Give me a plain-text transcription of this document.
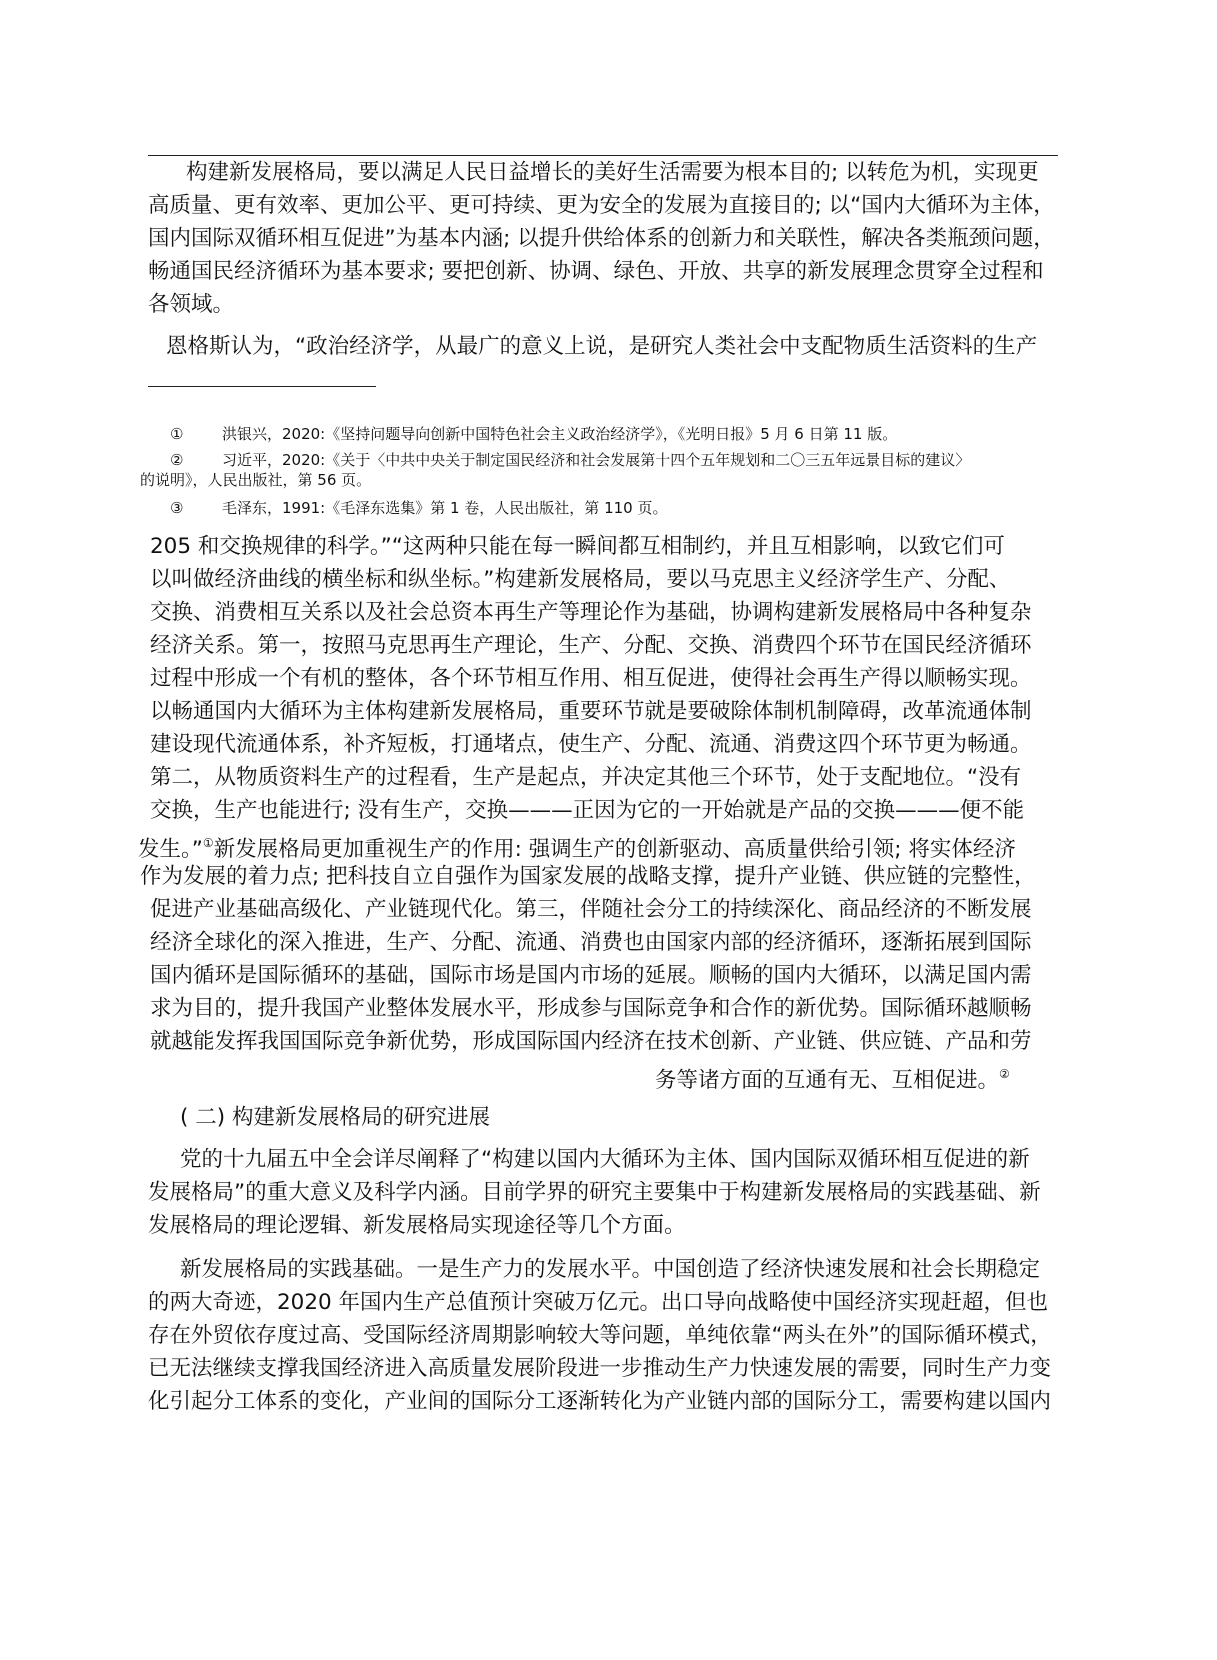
构建新发展格局，要以满足人民日益增长的美好生活需要为根本目的; 以转危为机，实现更
高质量、更有效率、更加公平、更可持续、更为安全的发展为直接目的; 以“国内大循环为主体，
国内国际双循环相互促进”为基本内涵; 以提升供给体系的创新力和关联性，解决各类瓶颈问题，
畅通国民经济循环为基本要求; 要把创新、协调、绿色、开放、共享的新发展理念贯穿全过程和
各领域。
恩格斯认为，“政治经济学，从最广的意义上说，是研究人类社会中支配物质生活资料的生产
①	洪银兴，2020:《坚持问题导向创新中国特色社会主义政治经济学》，《光明日报》5 月 6 日第 11 版。
②	习近平，2020:《关于〈中共中央关于制定国民经济和社会发展第十四个五年规划和二〇三五年远景目标的建议〉
的说明》，人民出版社，第 56 页。
③	毛泽东，1991:《毛泽东选集》第 1 卷，人民出版社，第 110 页。
205 和交换规律的科学。”“这两种只能在每一瞬间都互相制约，并且互相影响，以致它们可
以叫做经济曲线的横坐标和纵坐标。”构建新发展格局，要以马克思主义经济学生产、分配、
交换、消费相互关系以及社会总资本再生产等理论作为基础，协调构建新发展格局中各种复杂
经济关系。第一，按照马克思再生产理论，生产、分配、交换、消费四个环节在国民经济循环
过程中形成一个有机的整体，各个环节相互作用、相互促进，使得社会再生产得以顺畅实现。
以畅通国内大循环为主体构建新发展格局，重要环节就是要破除体制机制障碍，改革流通体制
建设现代流通体系，补齐短板，打通堵点，使生产、分配、流通、消费这四个环节更为畅通。
第二，从物质资料生产的过程看，生产是起点，并决定其他三个环节，处于支配地位。“没有
交换，生产也能进行; 没有生产，交换———正因为它的一开始就是产品的交换———便不能
发生。”①新发展格局更加重视生产的作用: 强调生产的创新驱动、高质量供给引领; 将实体经济
作为发展的着力点; 把科技自立自强作为国家发展的战略支撑，提升产业链、供应链的完整性，
促进产业基础高级化、产业链现代化。第三，伴随社会分工的持续深化、商品经济的不断发展
经济全球化的深入推进，生产、分配、流通、消费也由国家内部的经济循环，逐渐拓展到国际
国内循环是国际循环的基础，国际市场是国内市场的延展。顺畅的国内大循环，以满足国内需
求为目的，提升我国产业整体发展水平，形成参与国际竞争和合作的新优势。国际循环越顺畅
就越能发挥我国国际竞争新优势，形成国际国内经济在技术创新、产业链、供应链、产品和劳
务等诸方面的互通有无、互相促进。②
( 二) 构建新发展格局的研究进展
党的十九届五中全会详尽阐释了“构建以国内大循环为主体、国内国际双循环相互促进的新
发展格局”的重大意义及科学内涵。目前学界的研究主要集中于构建新发展格局的实践基础、新
发展格局的理论逻辑、新发展格局实现途径等几个方面。
新发展格局的实践基础。一是生产力的发展水平。中国创造了经济快速发展和社会长期稳定
的两大奇迹，2020 年国内生产总值预计突破万亿元。出口导向战略使中国经济实现赶超，但也
存在外贸依存度过高、受国际经济周期影响较大等问题，单纯依靠“两头在外”的国际循环模式，
已无法继续支撑我国经济进入高质量发展阶段进一步推动生产力快速发展的需要，同时生产力变
化引起分工体系的变化，产业间的国际分工逐渐转化为产业链内部的国际分工，需要构建以国内
